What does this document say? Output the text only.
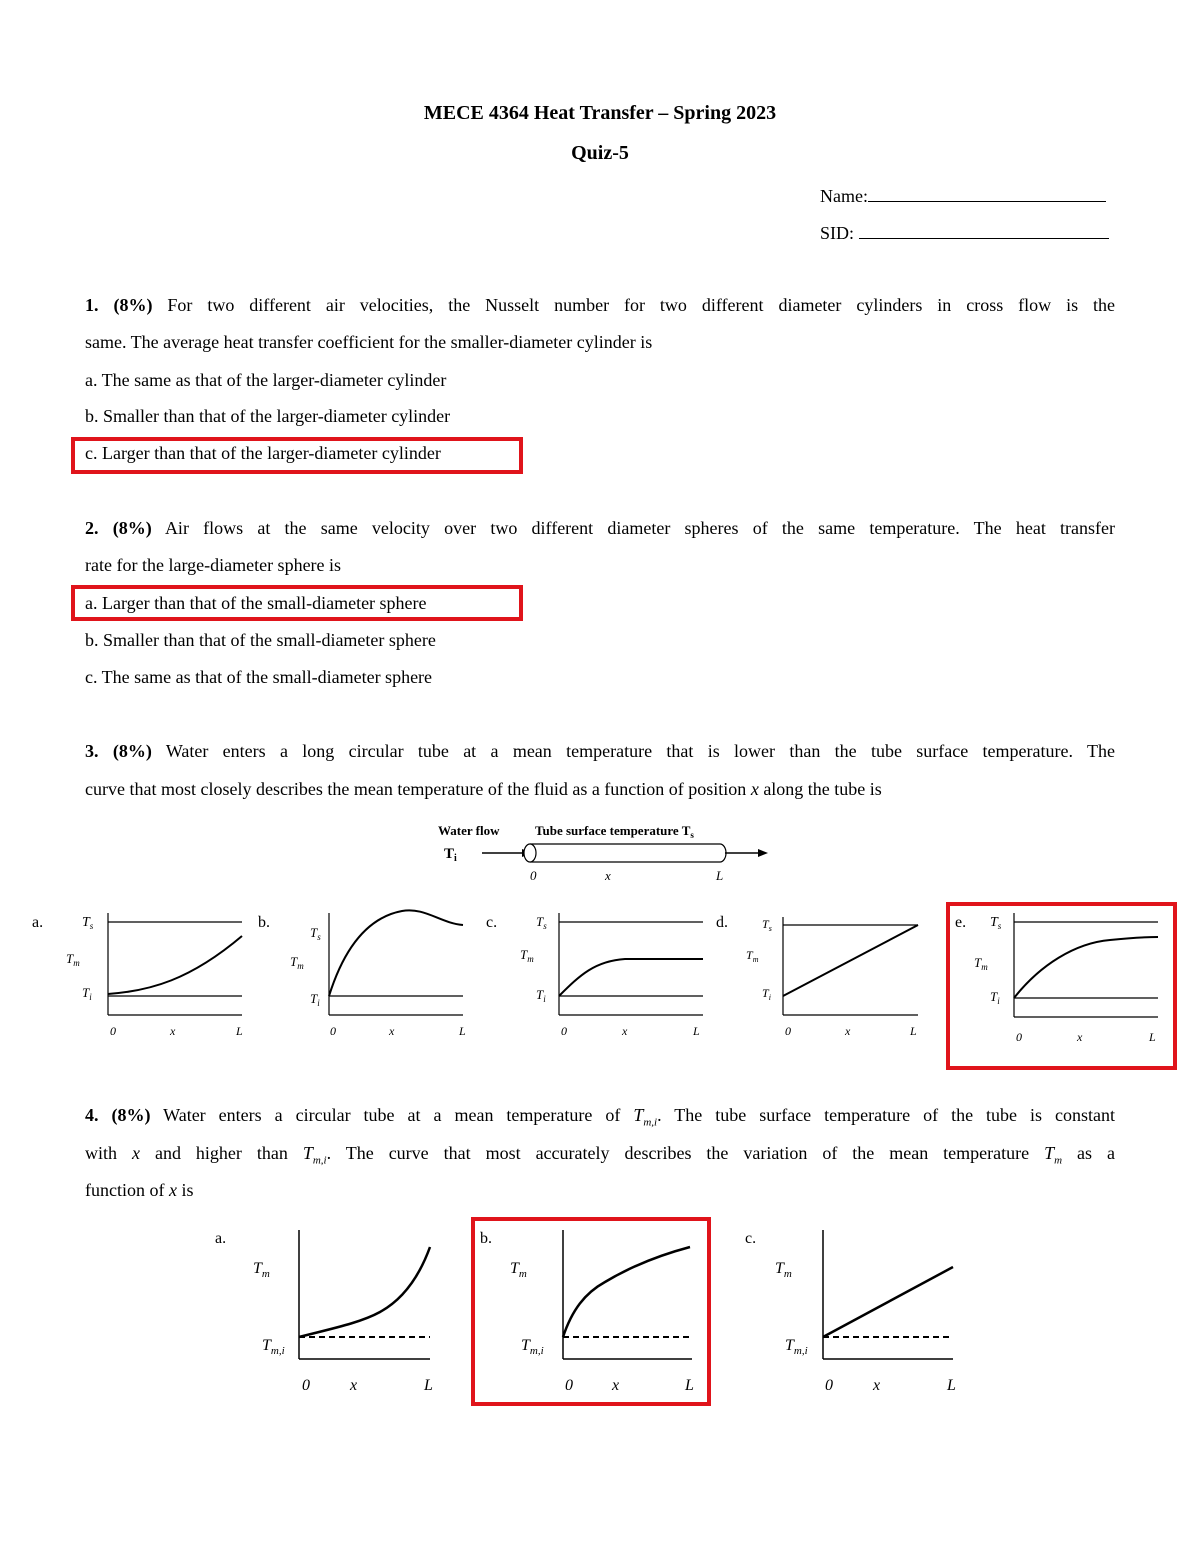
MECE 4364 Heat Transfer – Spring 2023
Quiz-5
Name:
SID:
1. (8%) For two different air velocities, the Nusselt number for two different diameter cylinders in cross flow is the
same. The average heat transfer coefficient for the smaller-diameter cylinder is
a. The same as that of the larger-diameter cylinder
b. Smaller than that of the larger-diameter cylinder
c. Larger than that of the larger-diameter cylinder
2. (8%) Air flows at the same velocity over two different diameter spheres of the same temperature. The heat transfer
rate for the large-diameter sphere is
a. Larger than that of the small-diameter sphere
b. Smaller than that of the small-diameter sphere
c. The same as that of the small-diameter sphere
3. (8%) Water enters a long circular tube at a mean temperature that is lower than the tube surface temperature. The
curve that most closely describes the mean temperature of the fluid as a function of position x along the tube is
Water flow
$T_i$
Tube surface temperature $T_s$
0	x	L
a.	$T_s$
$T_m$
$T_i$
0	x	L
b.
$T_s$
$T_m$
$T_i$
0	x	L
c.	$T_s$
$T_m$
$T_i$
0	x	L
d.	$T_s$
$T_m$
$T_i$
0	x	L
e. $T_s$
$T_m$
$T_i$
0	x	L
4. (8%) Water enters a circular tube at a mean temperature of $T_{m,i}$. The tube surface temperature of the tube is constant
with x and higher than $T_{m,i}$. The curve that most accurately describes the variation of the mean temperature $T_m$ as a
function of x is
a.
$T_m$
$T_{m,i}$
0	x	L
b.
$T_m$
$T_{m,i}$
0 x	L
c.
$T_m$
$T_{m,i}$
0	x	L
